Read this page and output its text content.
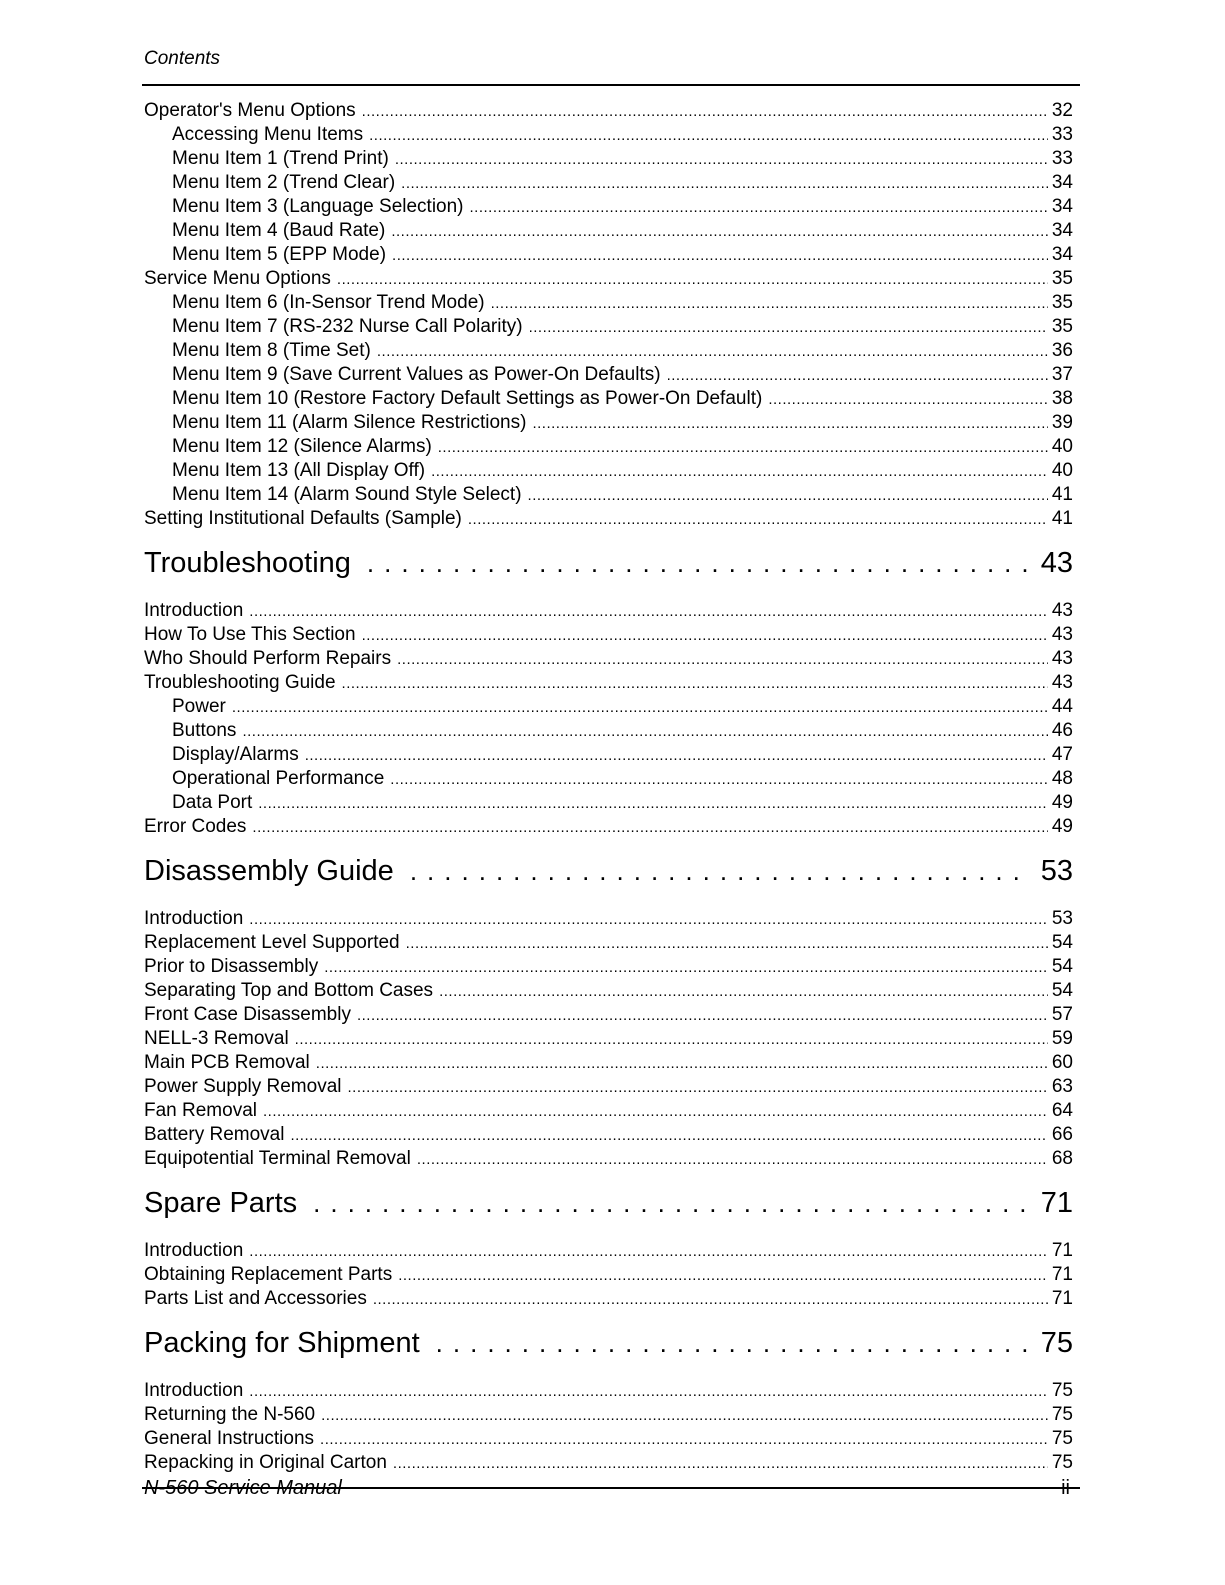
Contents
Operator's Menu Options .....	32
Accessing Menu Items .....	33
Menu Item 1 (Trend Print) .....	33
Menu Item 2 (Trend Clear) .....	34
Menu Item 3 (Language Selection) .....	34
Menu Item 4 (Baud Rate) .....	34
Menu Item 5 (EPP Mode) .....	34
Service Menu Options .....	35
Menu Item 6 (In-Sensor Trend Mode) .....	35
Menu Item 7 (RS-232 Nurse Call Polarity) .....	35
Menu Item 8 (Time Set) .....	36
Menu Item 9 (Save Current Values as Power-On Defaults) .....	37
Menu Item 10 (Restore Factory Default Settings as Power-On Default) .....	38
Menu Item 11 (Alarm Silence Restrictions) .....	39
Menu Item 12 (Silence Alarms) .....	40
Menu Item 13 (All Display Off) .....	40
Menu Item 14 (Alarm Sound Style Select) .....	41
Setting Institutional Defaults (Sample) .....	41
Troubleshooting .....	43
Introduction .....	43
How To Use This Section .....	43
Who Should Perform Repairs .....	43
Troubleshooting Guide .....	43
Power .....	44
Buttons .....	46
Display/Alarms .....	47
Operational Performance .....	48
Data Port .....	49
Error Codes .....	49
Disassembly Guide .....	53
Introduction .....	53
Replacement Level Supported .....	54
Prior to Disassembly .....	54
Separating Top and Bottom Cases .....	54
Front Case Disassembly .....	57
NELL-3 Removal .....	59
Main PCB Removal .....	60
Power Supply Removal .....	63
Fan Removal .....	64
Battery Removal .....	66
Equipotential Terminal Removal .....	68
Spare Parts .....	71
Introduction .....	71
Obtaining Replacement Parts .....	71
Parts List and Accessories .....	71
Packing for Shipment .....	75
Introduction .....	75
Returning the N-560 .....	75
General Instructions .....	75
Repacking in Original Carton .....	75
N-560 Service Manual	ii
